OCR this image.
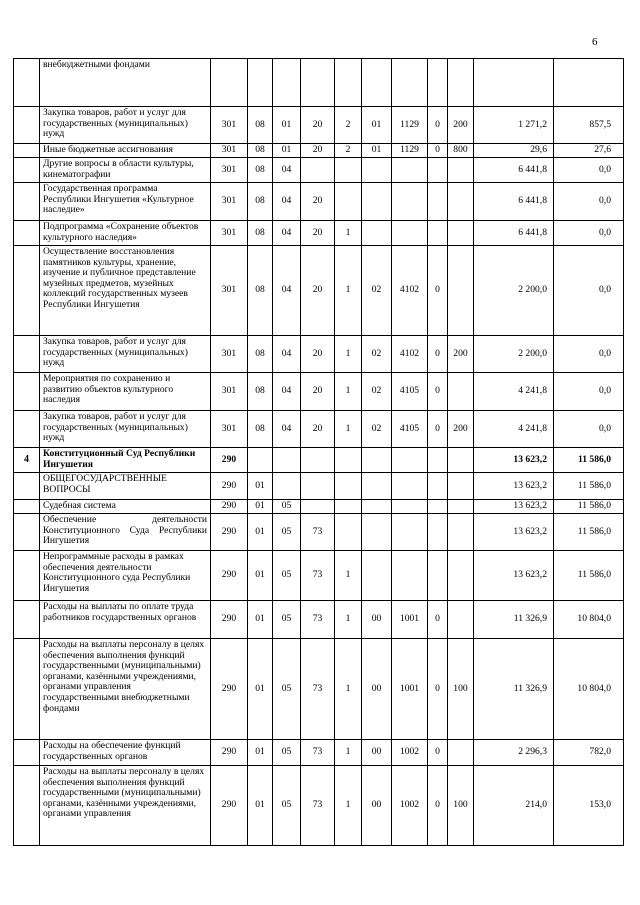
6
	внебюджетными фондами											
	Закупка товаров, работ и услуг для государственных (муниципальных) нужд	301	08	01	20	2	01	1129	0	200	1 271,2	857,5
	Иные бюджетные ассигнования	301	08	01	20	2	01	1129	0	800	29,6	27,6
	Другие вопросы в области культуры, кинематографии	301	08	04							6 441,8	0,0
	Государственная программа Республики Ингушетия «Культурное наследие»	301	08	04	20						6 441,8	0,0
	Подпрограмма «Сохранение объектов культурного наследия»	301	08	04	20	1					6 441,8	0,0
	Осуществление восстановления памятников культуры, хранение, изучение и публичное представление музейных предметов, музейных коллекций государственных музеев Республики Ингушетия	301	08	04	20	1	02	4102	0		2 200,0	0,0
	Закупка товаров, работ и услуг для государственных (муниципальных) нужд	301	08	04	20	1	02	4102	0	200	2 200,0	0,0
	Мероприятия по сохранению и развитию объектов культурного наследия	301	08	04	20	1	02	4105	0		4 241,8	0,0
	Закупка товаров, работ и услуг для государственных (муниципальных) нужд	301	08	04	20	1	02	4105	0	200	4 241,8	0,0
4	Конституционный Суд Республики Ингушетия	290									13 623,2	11 586,0
	ОБЩЕГОСУДАРСТВЕННЫЕ ВОПРОСЫ	290	01								13 623,2	11 586,0
	Судебная система	290	01	05							13 623,2	11 586,0
	Обеспечение деятельности Конституционного Суда Республики Ингушетия	290	01	05	73						13 623,2	11 586,0
	Непрограммные расходы в рамках обеспечения деятельности Конституционного суда Республики Ингушетия	290	01	05	73	1					13 623,2	11 586,0
	Расходы на выплаты по оплате труда работников государственных органов	290	01	05	73	1	00	1001	0		11 326,9	10 804,0
	Расходы на выплаты персоналу в целях обеспечения выполнения функций государственными (муниципальными) органами, казёнными учреждениями, органами управления государственными внебюджетными фондами	290	01	05	73	1	00	1001	0	100	11 326,9	10 804,0
	Расходы на обеспечение функций государственных органов	290	01	05	73	1	00	1002	0		2 296,3	782,0
	Расходы на выплаты персоналу в целях обеспечения выполнения функций государственными (муниципальными) органами, казёнными учреждениями, органами управления	290	01	05	73	1	00	1002	0	100	214,0	153,0
